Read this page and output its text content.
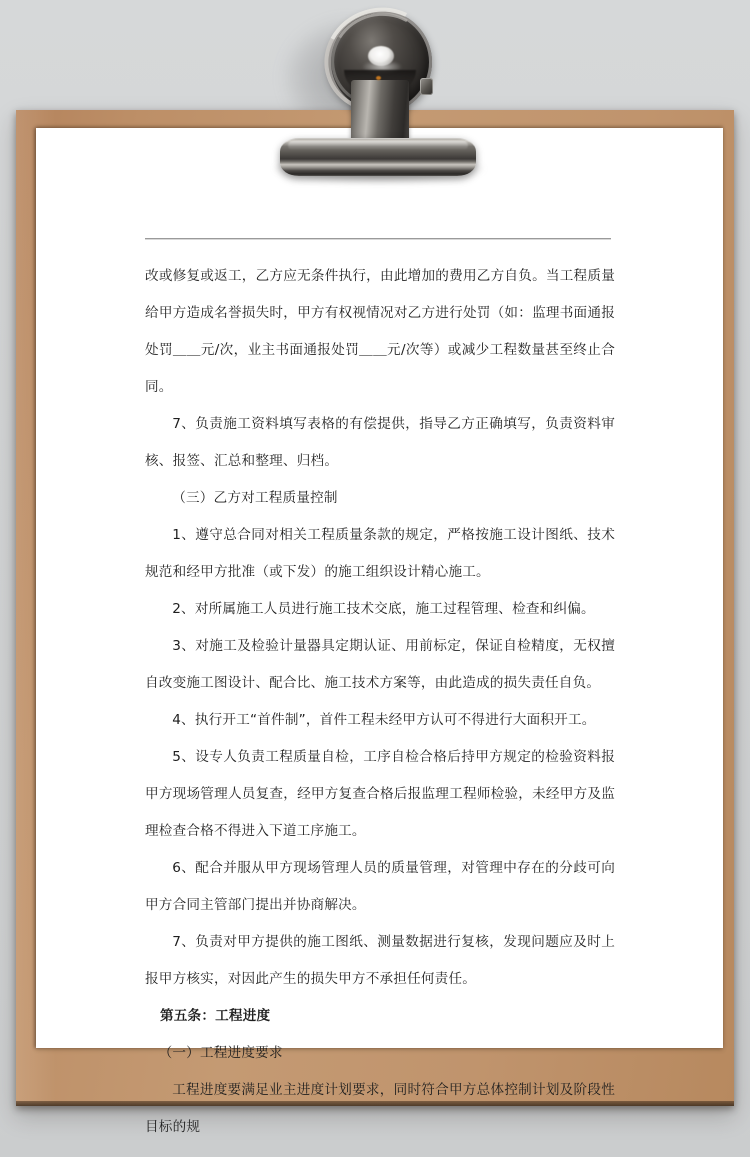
改或修复或返工，乙方应无条件执行，由此增加的费用乙方自负。当工程质量给甲方造成名誉损失时，甲方有权视情况对乙方进行处罚（如：监理书面通报处罚＿＿元/次，业主书面通报处罚＿＿元/次等）或减少工程数量甚至终止合同。

7、负责施工资料填写表格的有偿提供，指导乙方正确填写，负责资料审核、报签、汇总和整理、归档。

（三）乙方对工程质量控制

1、遵守总合同对相关工程质量条款的规定，严格按施工设计图纸、技术规范和经甲方批准（或下发）的施工组织设计精心施工。

2、对所属施工人员进行施工技术交底，施工过程管理、检查和纠偏。

3、对施工及检验计量器具定期认证、用前标定，保证自检精度，无权擅自改变施工图设计、配合比、施工技术方案等，由此造成的损失责任自负。

4、执行开工“首件制”，首件工程未经甲方认可不得进行大面积开工。

5、设专人负责工程质量自检，工序自检合格后持甲方规定的检验资料报甲方现场管理人员复查，经甲方复查合格后报监理工程师检验，未经甲方及监理检查合格不得进入下道工序施工。

6、配合并服从甲方现场管理人员的质量管理，对管理中存在的分歧可向甲方合同主管部门提出并协商解决。

7、负责对甲方提供的施工图纸、测量数据进行复核，发现问题应及时上报甲方核实，对因此产生的损失甲方不承担任何责任。

第五条：工程进度

（一）工程进度要求

工程进度要满足业主进度计划要求，同时符合甲方总体控制计划及阶段性目标的规
